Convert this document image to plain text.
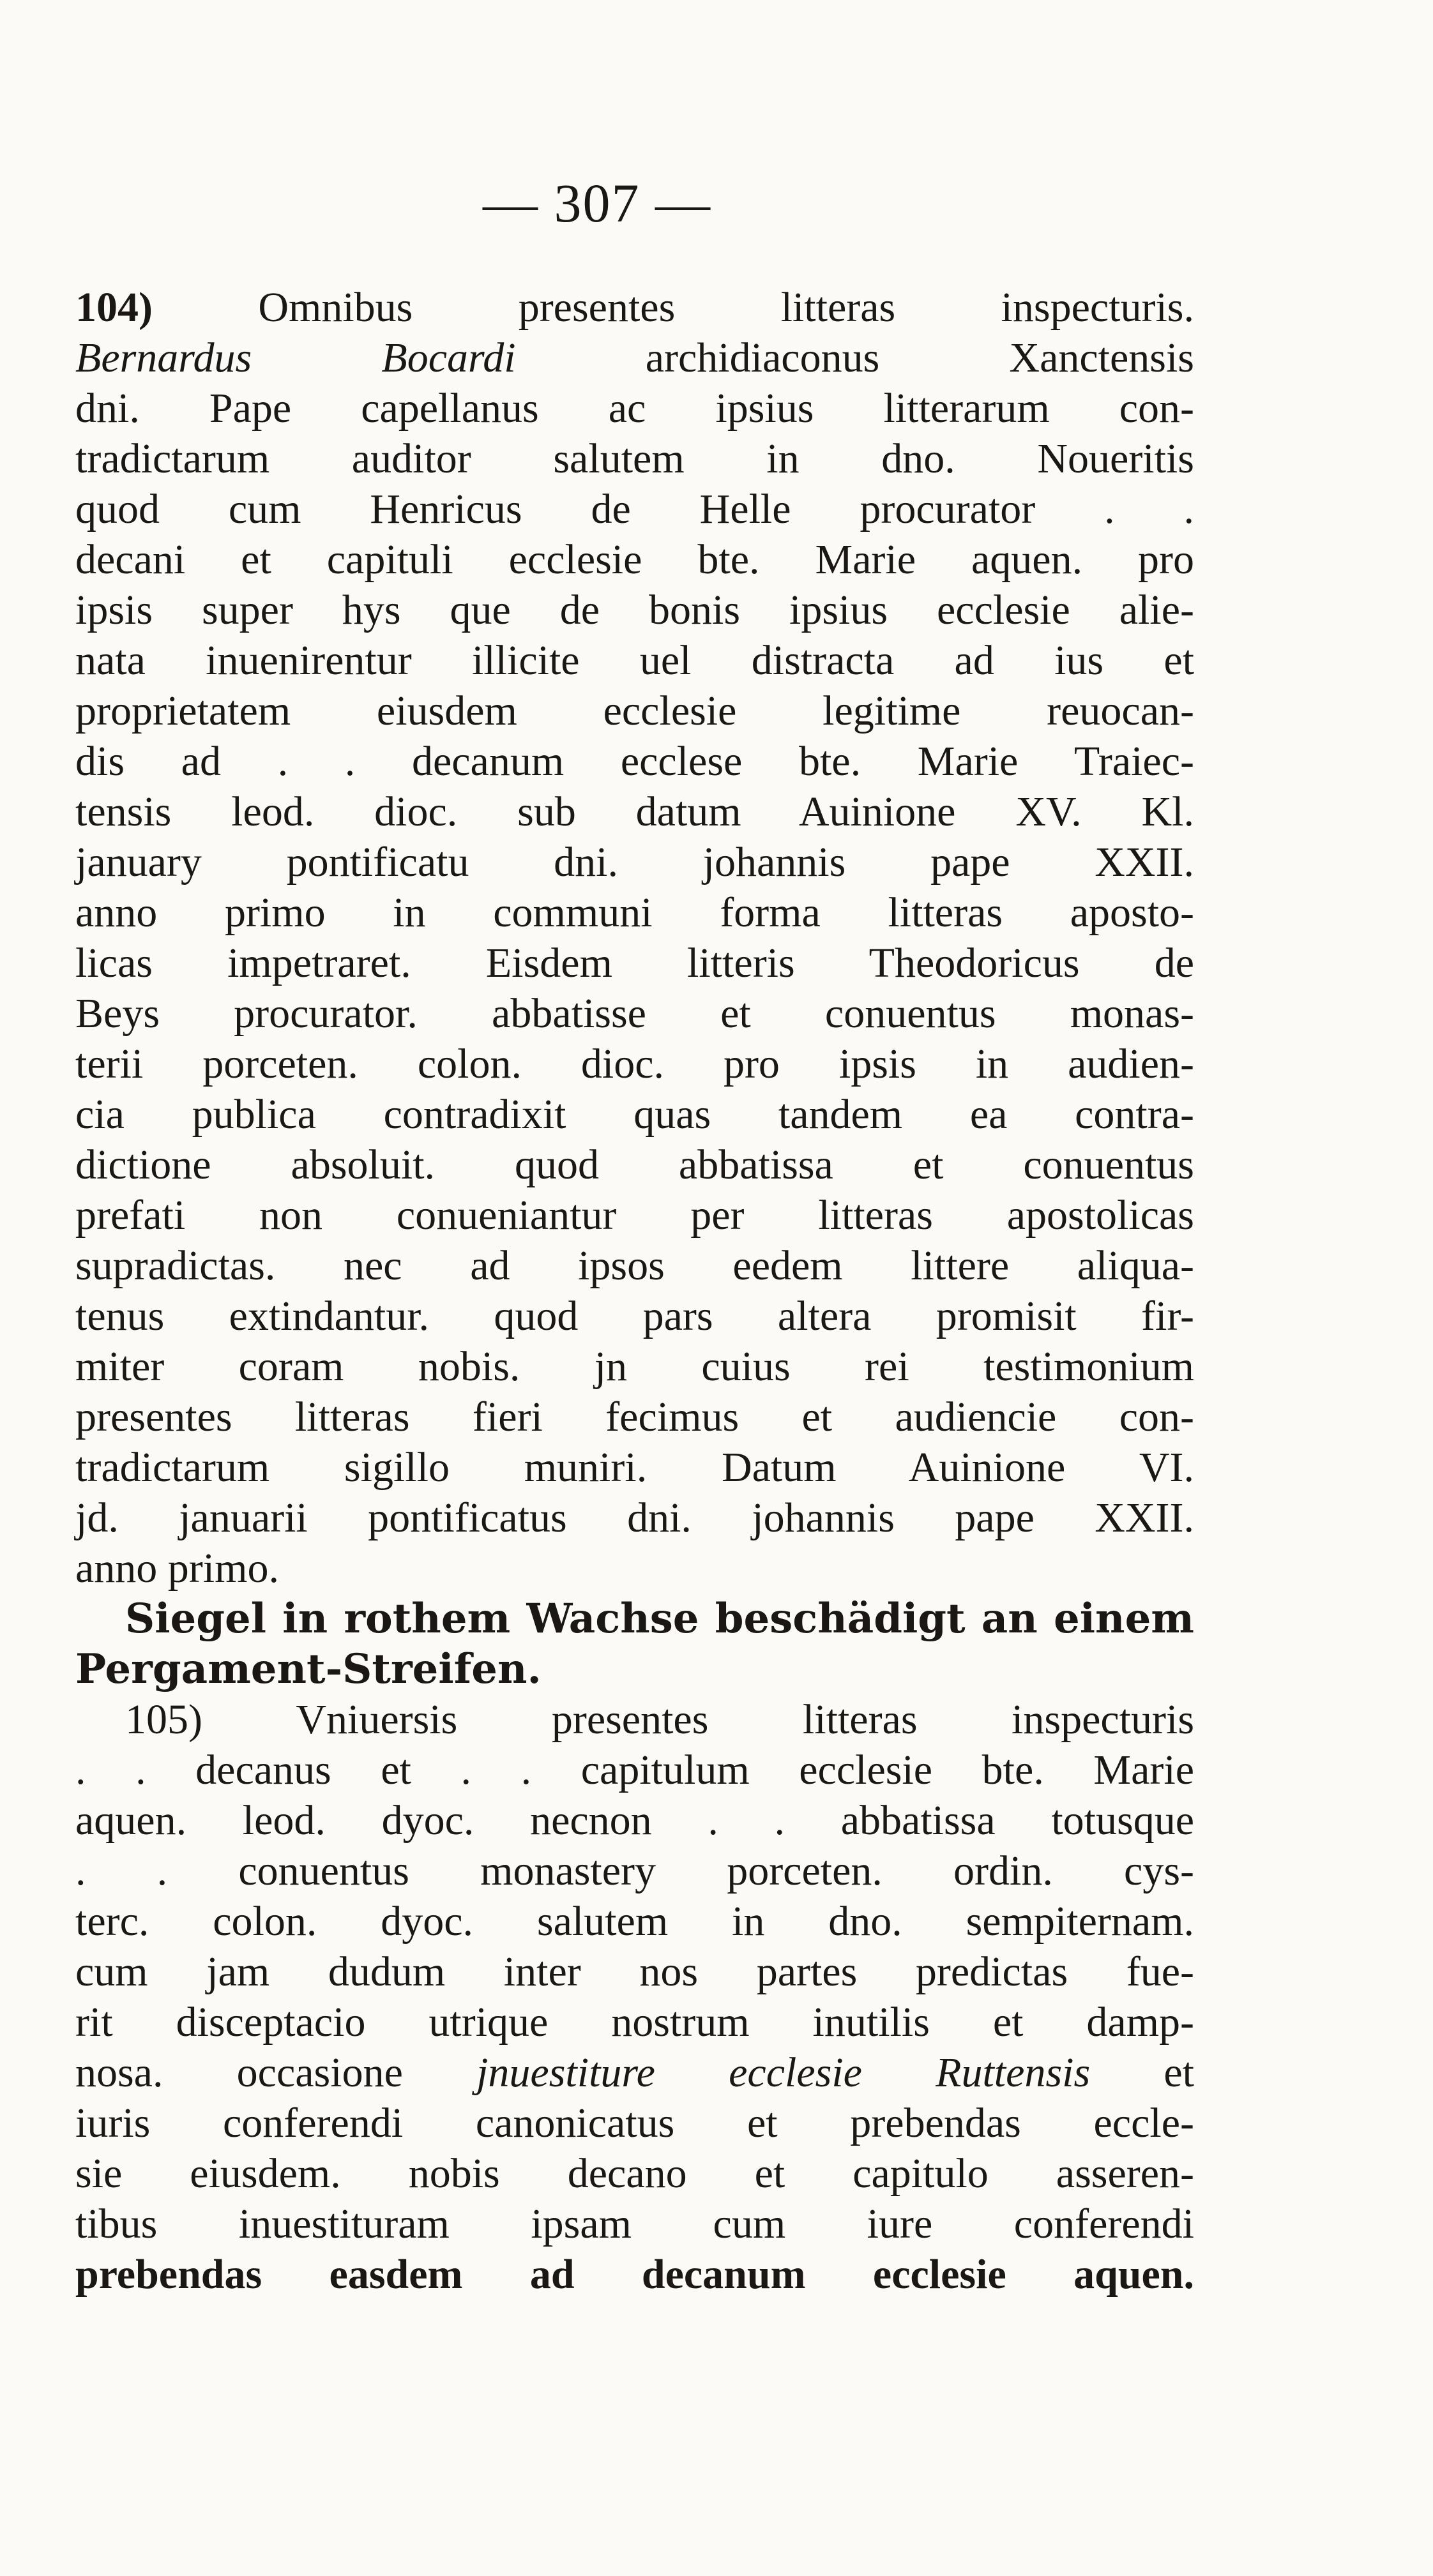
— 307 —
104)	Omnibus presentes litteras inspecturis.
Bernardus Bocardi	archidiaconus Xanctensis
dni. Pape capellanus ac ipsius litterarum con-
tradictarum auditor salutem in dno. Noueritis
quod cum Henricus de Helle procurator . .
decani et capituli ecclesie bte. Marie aquen. pro
ipsis super hys que de bonis ipsius ecclesie alie-
nata inuenirentur illicite uel distracta ad ius et
proprietatem eiusdem ecclesie legitime reuocan-
dis ad . . decanum ecclese bte. Marie Traiec-
tensis leod. dioc. sub datum Auinione XV. Kl.
january pontificatu dni. johannis pape XXII.
anno primo in communi forma litteras aposto-
licas impetraret. Eisdem litteris Theodoricus de
Beys procurator. abbatisse et conuentus monas-
terii porceten. colon. dioc. pro ipsis in audien-
cia publica contradixit quas tandem ea contra-
dictione absoluit. quod abbatissa et conuentus
prefati non conueniantur per litteras apostolicas
supradictas. nec ad ipsos eedem littere aliqua-
tenus extindantur. quod pars altera promisit fir-
miter coram nobis. jn cuius rei testimonium
presentes litteras fieri fecimus et audiencie con-
tradictarum sigillo muniri. Datum Auinione VI.
jd. januarii pontificatus dni. johannis pape XXII.
anno primo.
Siegel in rothem Wachse beschädigt an einem
Pergament-Streifen.
105) Vniuersis presentes litteras inspecturis
. . decanus et . . capitulum ecclesie bte. Marie
aquen. leod. dyoc. necnon . . abbatissa totusque
. . conuentus monastery porceten. ordin. cys-
terc. colon. dyoc. salutem in dno. sempiternam.
cum jam dudum inter nos partes predictas fue-
rit disceptacio utrique nostrum inutilis et damp-
nosa. occasione jnuestiture ecclesie Ruttensis et
iuris conferendi canonicatus et prebendas eccle-
sie eiusdem. nobis decano et capitulo asseren-
tibus inuestituram ipsam cum iure conferendi
prebendas easdem ad decanum ecclesie aquen.
